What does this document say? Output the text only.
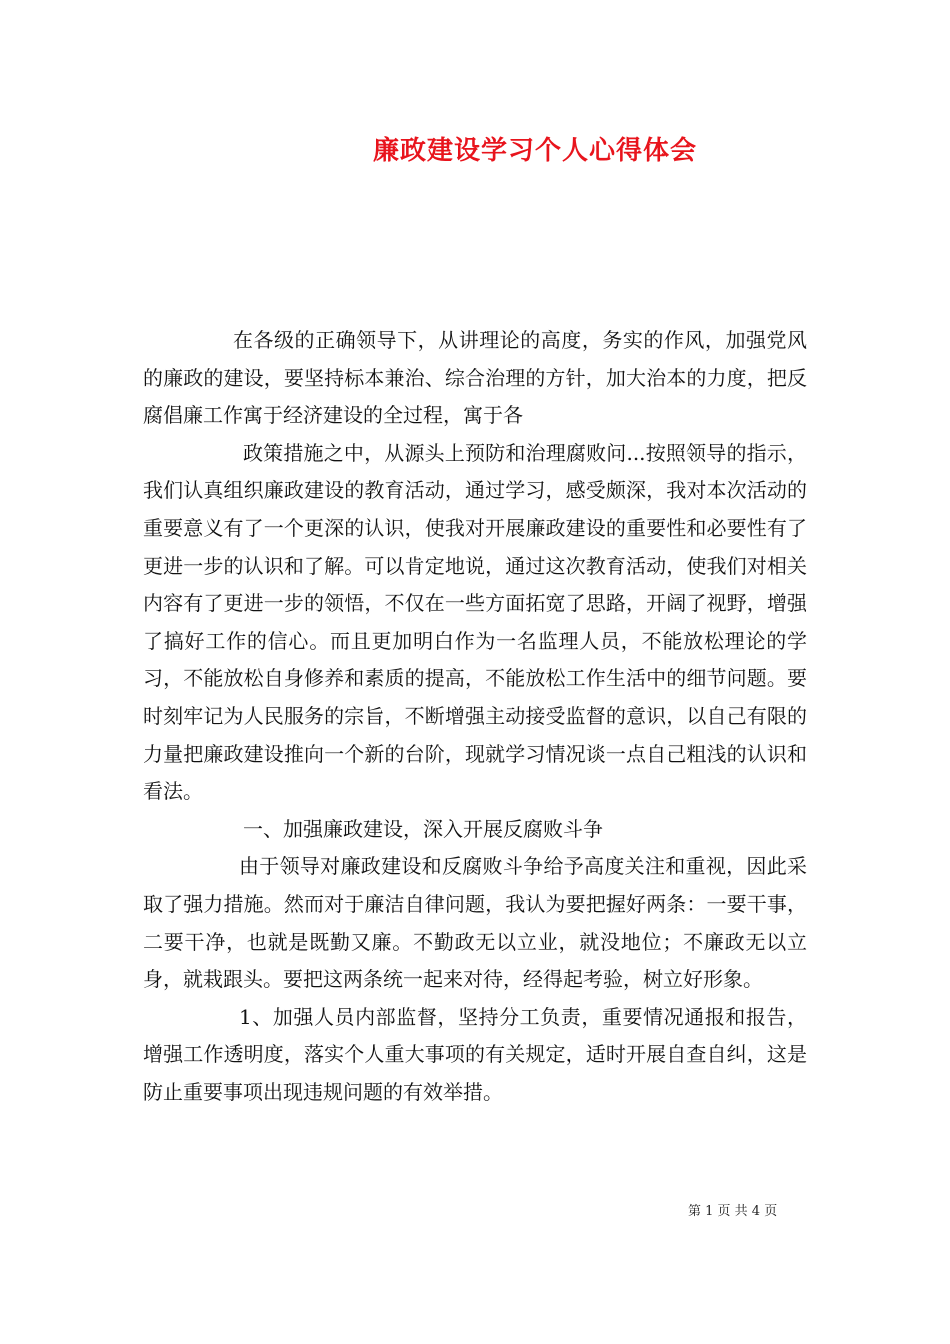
廉政建设学习个人心得体会

在各级的正确领导下，从讲理论的高度，务实的作风，加强党风的廉政的建设，要坚持标本兼治、综合治理的方针，加大治本的力度，把反腐倡廉工作寓于经济建设的全过程，寓于各

政策措施之中，从源头上预防和治理腐败问...按照领导的指示，我们认真组织廉政建设的教育活动，通过学习，感受颇深，我对本次活动的重要意义有了一个更深的认识，使我对开展廉政建设的重要性和必要性有了更进一步的认识和了解。可以肯定地说，通过这次教育活动，使我们对相关内容有了更进一步的领悟，不仅在一些方面拓宽了思路，开阔了视野，增强了搞好工作的信心。而且更加明白作为一名监理人员，不能放松理论的学习，不能放松自身修养和素质的提高，不能放松工作生活中的细节问题。要时刻牢记为人民服务的宗旨，不断增强主动接受监督的意识，以自己有限的力量把廉政建设推向一个新的台阶，现就学习情况谈一点自己粗浅的认识和看法。

一、加强廉政建设，深入开展反腐败斗争

由于领导对廉政建设和反腐败斗争给予高度关注和重视，因此采取了强力措施。然而对于廉洁自律问题，我认为要把握好两条：一要干事，二要干净，也就是既勤又廉。不勤政无以立业，就没地位；不廉政无以立身，就栽跟头。要把这两条统一起来对待，经得起考验，树立好形象。

1、加强人员内部监督，坚持分工负责，重要情况通报和报告，增强工作透明度，落实个人重大事项的有关规定，适时开展自查自纠，这是防止重要事项出现违规问题的有效举措。

第 1 页 共 4 页
